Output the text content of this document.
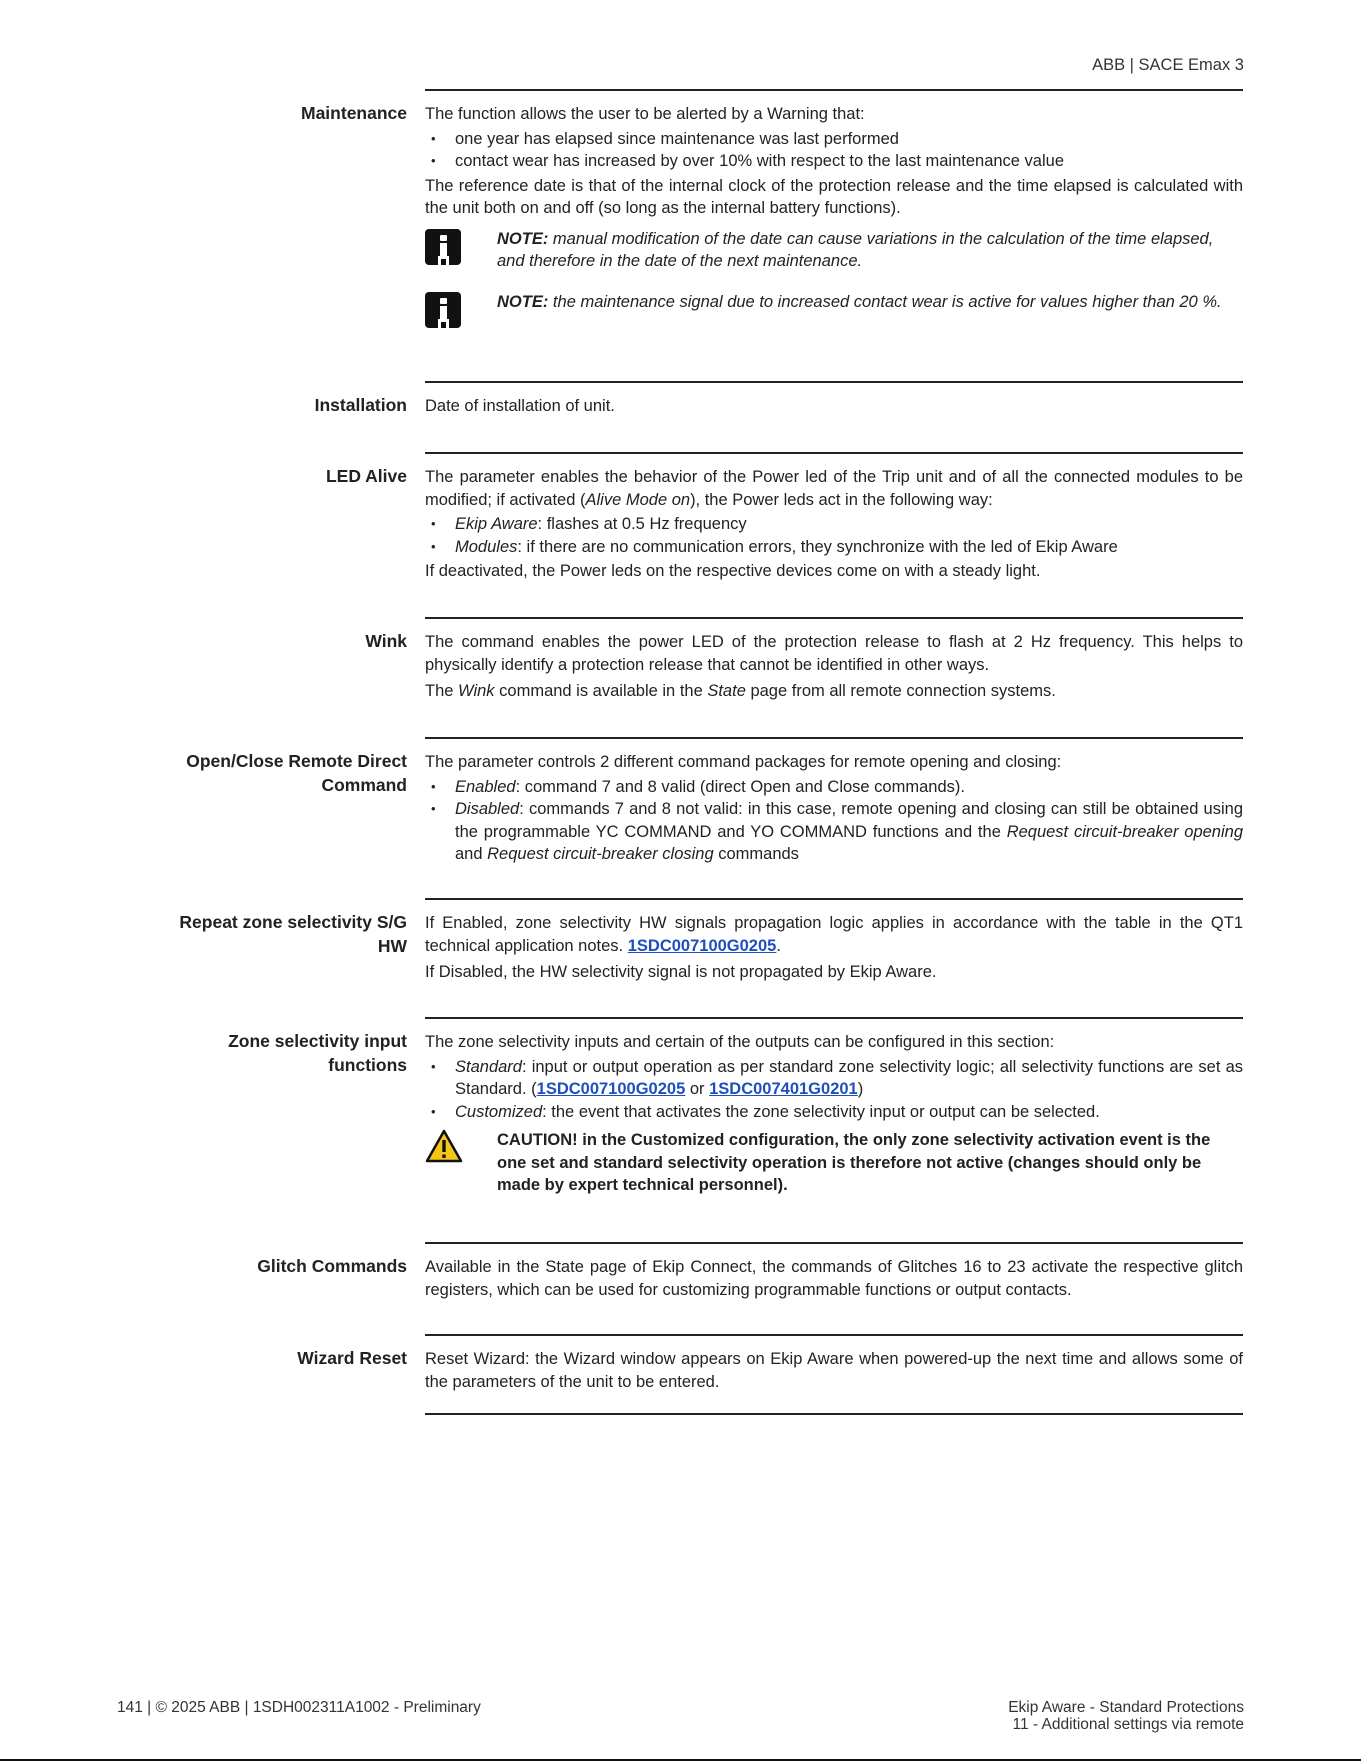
ABB | SACE Emax 3
Maintenance The function allows the user to be alerted by a Warning that:

• one year has elapsed since maintenance was last performed
• contact wear has increased by over 10% with respect to the last maintenance value

The reference date is that of the internal clock of the protection release and the time elapsed is calculated with the unit both on and off (so long as the internal battery functions).

NOTE: manual modification of the date can cause variations in the calculation of the time elapsed, and therefore in the date of the next maintenance.
NOTE: the maintenance signal due to increased contact wear is active for values higher than 20 %.
Installation Date of installation of unit.

LED Alive The parameter enables the behavior of the Power led of the Trip unit and of all the connected modules to be modified; if activated (Alive Mode on), the Power leds act in the following way:

• Ekip Aware: flashes at 0.5 Hz frequency
• Modules: if there are no communication errors, they synchronize with the led of Ekip Aware

If deactivated, the Power leds on the respective devices come on with a steady light.

Wink The command enables the power LED of the protection release to flash at 2 Hz frequency. This helps to physically identify a protection release that cannot be identified in other ways.

The Wink command is available in the State page from all remote connection systems.

Open/Close Remote Direct
Command

The parameter controls 2 different command packages for remote opening and closing:

• Enabled: command 7 and 8 valid (direct Open and Close commands).
• Disabled: commands 7 and 8 not valid: in this case, remote opening and closing can still be obtained using the programmable YC COMMAND and YO COMMAND functions and the Request circuit-breaker opening and Request circuit-breaker closing commands
Repeat zone selectivity S/G
HW

If Enabled, zone selectivity HW signals propagation logic applies in accordance with the table in the QT1 technical application notes. 1SDC007100G0205.

If Disabled, the HW selectivity signal is not propagated by Ekip Aware.

Zone selectivity input
functions

The zone selectivity inputs and certain of the outputs can be configured in this section:

• Standard: input or output operation as per standard zone selectivity logic; all selectivity functions are set as Standard. (1SDC007100G0205 or 1SDC007401G0201)
• Customized: the event that activates the zone selectivity input or output can be selected.
CAUTION! in the Customized configuration, the only zone selectivity activation event is the one set and standard selectivity operation is therefore not active (changes should only be made by expert technical personnel).
Glitch Commands Available in the State page of Ekip Connect, the commands of Glitches 16 to 23 activate the respective glitch registers, which can be used for customizing programmable functions or output contacts.

Wizard Reset Reset Wizard: the Wizard window appears on Ekip Aware when powered-up the next time and allows some of the parameters of the unit to be entered.

141 | © 2025 ABB | 1SDH002311A1002 - Preliminary	Ekip Aware - Standard Protections
11 - Additional settings via remote
